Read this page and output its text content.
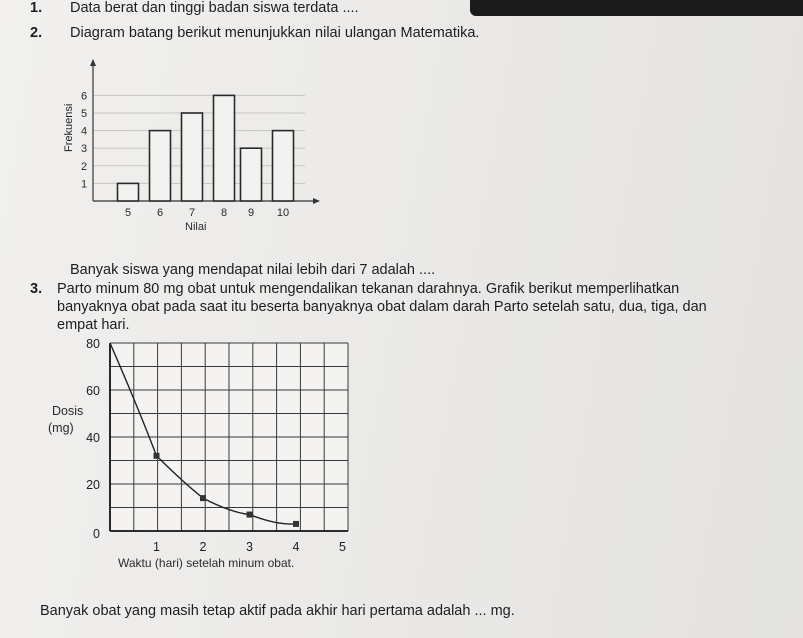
1. Data berat dan tinggi badan siswa terdata ....
2. Diagram batang berikut menunjukkan nilai ulangan Matematika.
5 6 7 8 9 10
1
2
3
4
5
6
Frekuensi
Nilai
Banyak siswa yang mendapat nilai lebih dari 7 adalah ....
3. Parto minum 80 mg obat untuk mengendalikan tekanan darahnya. Grafik berikut memperlihatkan
banyaknya obat pada saat itu beserta banyaknya obat dalam darah Parto setelah satu, dua, tiga, dan
empat hari.
1	2	3	4	5
0
20
40
60
80
Dosis
(mg)
Waktu (hari) setelah minum obat.
Banyak obat yang masih tetap aktif pada akhir hari pertama adalah ... mg.
